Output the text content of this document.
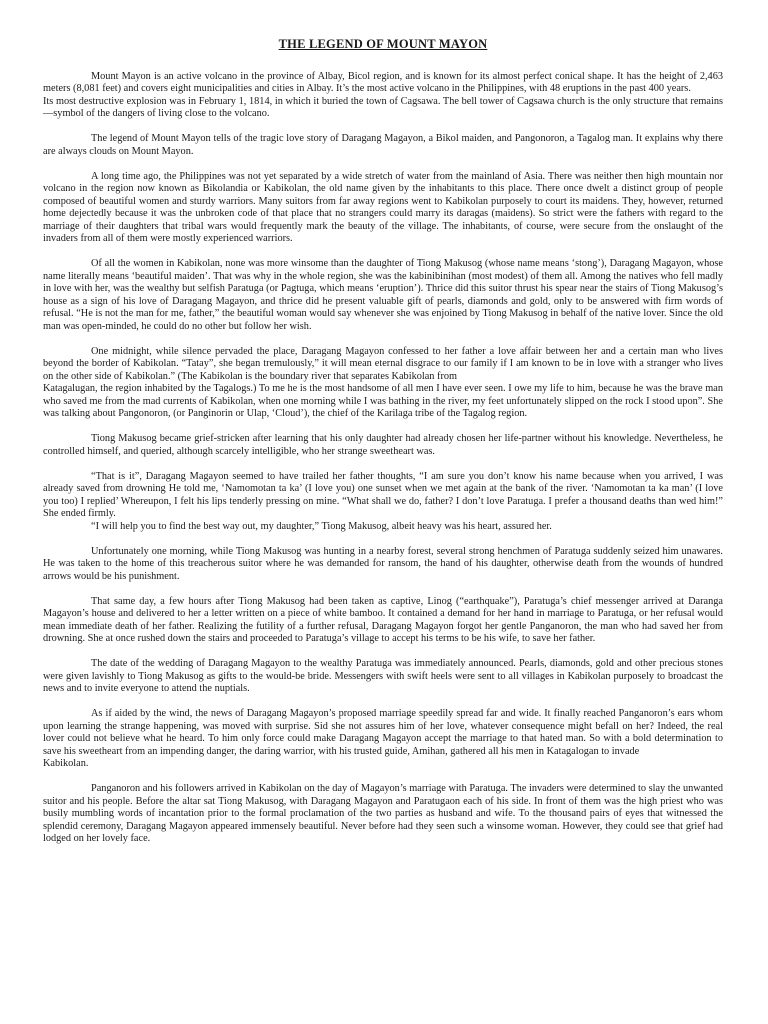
THE LEGEND OF MOUNT MAYON
Mount Mayon is an active volcano in the province of Albay, Bicol region, and is known for its almost perfect conical shape. It has the height of 2,463 meters (8,081 feet) and covers eight municipalities and cities in Albay. It’s the most active volcano in the Philippines, with 48 eruptions in the past 400 years.
Its most destructive explosion was in February 1, 1814, in which it buried the town of Cagsawa. The bell tower of Cagsawa church is the only structure that remains—symbol of the dangers of living close to the volcano.
The legend of Mount Mayon tells of the tragic love story of Daragang Magayon, a Bikol maiden, and Pangonoron, a Tagalog man. It explains why there are always clouds on Mount Mayon.
A long time ago, the Philippines was not yet separated by a wide stretch of water from the mainland of Asia. There was neither then high mountain nor volcano in the region now known as Bikolandia or Kabikolan, the old name given by the inhabitants to this place. There once dwelt a distinct group of people composed of beautiful women and sturdy warriors. Many suitors from far away regions went to Kabikolan purposely to court its maidens. They, however, returned home dejectedly because it was the unbroken code of that place that no strangers could marry its daragas (maidens). So strict were the fathers with regard to the marriage of their daughters that tribal wars would frequently mark the beauty of the village. The inhabitants, of course, were secure from the onslaught of the invaders from all of them were mostly experienced warriors.
Of all the women in Kabikolan, none was more winsome than the daughter of Tiong Makusog (whose name means ‘stong’), Daragang Magayon, whose name literally means ‘beautiful maiden’. That was why in the whole region, she was the kabinibinihan (most modest) of them all. Among the natives who fell madly in love with her, was the wealthy but selfish Paratuga (or Pagtuga, which means ‘eruption’). Thrice did this suitor thrust his spear near the stairs of Tiong Makusog’s house as a sign of his love of Daragang Magayon, and thrice did he present valuable gift of pearls, diamonds and gold, only to be answered with firm words of refusal. “He is not the man for me, father,” the beautiful woman would say whenever she was enjoined by Tiong Makusog in behalf of the native lover. Since the old man was open-minded, he could do no other but follow her wish.
One midnight, while silence pervaded the place, Daragang Magayon confessed to her father a love affair between her and a certain man who lives beyond the border of Kabikolan. “Tatay”, she began tremulously,” it will mean eternal disgrace to our family if I am known to be in love with a stranger who lives on the other side of Kabikolan.” (The Kabikolan is the boundary river that separates Kabikolan from
Katagalugan, the region inhabited by the Tagalogs.) To me he is the most handsome of all men I have ever seen. I owe my life to him, because he was the brave man who saved me from the mad currents of Kabikolan, when one morning while I was bathing in the river, my feet unfortunately slipped on the rock I stood upon”. She was talking about Pangonoron, (or Panginorin or Ulap, ‘Cloud’), the chief of the Karilaga tribe of the Tagalog region.
Tiong Makusog became grief-stricken after learning that his only daughter had already chosen her life-partner without his knowledge. Nevertheless, he controlled himself, and queried, although scarcely intelligible, who her strange sweetheart was.
“That is it”, Daragang Magayon seemed to have trailed her father thoughts, “I am sure you don’t know his name because when you arrived, I was already saved from drowning He told me, ‘Namomotan ta ka’ (I love you) one sunset when we met again at the bank of the river. ‘Namomotan ta ka man’ (I love you too) I replied’ Whereupon, I felt his lips tenderly pressing on mine. “What shall we do, father? I don’t love Paratuga. I prefer a thousand deaths than wed him!” She ended firmly.
“I will help you to find the best way out, my daughter,” Tiong Makusog, albeit heavy was his heart, assured her.
Unfortunately one morning, while Tiong Makusog was hunting in a nearby forest, several strong henchmen of Paratuga suddenly seized him unawares. He was taken to the home of this treacherous suitor where he was demanded for ransom, the hand of his daughter, otherwise death from the wounds of hundred arrows would be his punishment.
That same day, a few hours after Tiong Makusog had been taken as captive, Linog (“earthquake”), Paratuga’s chief messenger arrived at Daranga Magayon’s house and delivered to her a letter written on a piece of white bamboo. It contained a demand for her hand in marriage to Paratuga, or her refusal would mean immediate death of her father. Realizing the futility of a further refusal, Daragang Magayon forgot her gentle Panganoron, the man who had saved her from drowning. She at once rushed down the stairs and proceeded to Paratuga’s village to accept his terms to be his wife, to save her father.
The date of the wedding of Daragang Magayon to the wealthy Paratuga was immediately announced. Pearls, diamonds, gold and other precious stones were given lavishly to Tiong Makusog as gifts to the would-be bride. Messengers with swift heels were sent to all villages in Kabikolan purposely to broadcast the news and to invite everyone to attend the nuptials.
As if aided by the wind, the news of Daragang Magayon’s proposed marriage speedily spread far and wide. It finally reached Panganoron’s ears whom upon learning the strange happening, was moved with surprise. Sid she not assures him of her love, whatever consequence might befall on her? Indeed, the real lover could not believe what he heard. To him only force could make Daragang Magayon accept the marriage to that hated man. So with a bold determination to save his sweetheart from an impending danger, the daring warrior, with his trusted guide, Amihan, gathered all his men in Katagalogan to invade
Kabikolan.
Panganoron and his followers arrived in Kabikolan on the day of Magayon’s marriage with Paratuga. The invaders were determined to slay the unwanted suitor and his people. Before the altar sat Tiong Makusog, with Daragang Magayon and Paratugaon each of his side. In front of them was the high priest who was busily mumbling words of incantation prior to the formal proclamation of the two parties as husband and wife. To the thousand pairs of eyes that witnessed the splendid ceremony, Daragang Magayon appeared immensely beautiful. Never before had they seen such a winsome woman. However, they could see that grief had lodged on her lovely face.
